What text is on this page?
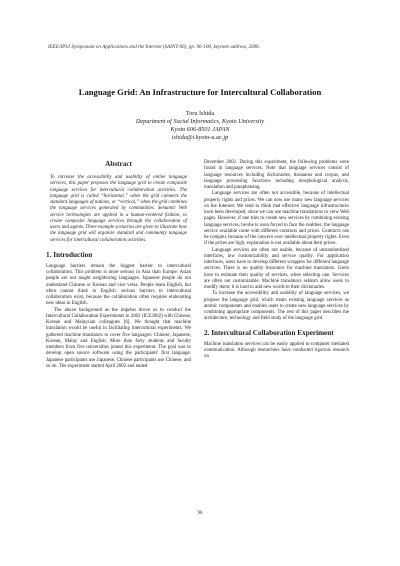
IEEE/IPSJ Symposium on Applications and the Internet (SAINT-06), pp. 96-100, keynote address, 2006.
Language Grid: An Infrastructure for Intercultural Collaboration
Toru Ishida
Department of Social Informatics, Kyoto University
Kyoto 606-8501 JAPAN
ishida@i.kyoto-u.ac.jp
Abstract

To increase the accessibility and usability of online language services, this paper proposes the language grid to create composite language services for intercultural collaboration activities. The language grid is called “horizontal,” when the grid connects the standard languages of nations, or “vertical,” when the grid combines the language services generated by communities. Semantic Web service technologies are applied in a human-centered fashion, to create composite language services through the collaboration of users and agents. Three example scenarios are given to illustrate how the language grid will organize standard and community language services for intercultural collaboration activities.

1. Introduction

Language barriers remain the biggest barrier to intercultural collaboration. This problem is more serious in Asia than Europe: Asian people are not taught neighboring languages. Japanese people do not understand Chinese or Korean and vice versa. People learn English, but often cannot think in English: serious barriers to intercultural collaboration exist, because the collaboration often requires elaborating new ideas in English.

The above background as the impetus drove us to conduct the Intercultural Collaboration Experiments in 2002 (ICE2002) with Chinese, Korean and Malaysian colleagues [6]. We thought that machine translation would be useful in facilitating intercultural experiments. We gathered machine translators to cover five languages: Chinese, Japanese, Korean, Malay and English. More than forty students and faculty members from five universities joined this experiment. The goal was to develop open source software using the participants' first language: Japanese participants use Japanese, Chinese participants use Chinese, and so on. The experiment started April 2002 and ended

December 2002. During this experiment, the following problems were found in language services. Note that language services consist of language resources including dictionaries, thesaurus and corpus, and language processing functions including morphological analysis, translation and paraphrasing.

Language services are often not accessible, because of intellectual property rights and prices. We can now use many new language services on the Internet. We tend to think that effective language infrastructures have been developed, since we can use machine translations to view Web pages. However, if one tries to create new services by combining existing language services, he/she is soon forced to face the realities: the language service available come with different contracts and prices. Contracts can be complex because of the concern over intellectual property rights. Even if the prices are high, explanation is not available about their prices.

Language services are often not usable, because of unstandardized interfaces, low customizability and service quality. For application interfaces, users have to develop different wrappers for different language services. There is no quality insurance for machine translators. Users have to estimate their quality of services, when selecting one. Services are often not customizable. Machine translators seldom allow users to modify them; it is hard to add new words to their dictionaries.

To increase the accessibility and usability of language services, we propose the language grid, which treats existing language services as atomic components and enables users to create new language services by combining appropriate components. The rest of this paper describes the architecture, technology and field study of the language grid.

2. Intercultural Collaboration Experiment

Machine translation services can be easily applied to computer mediated communication. Although researchers have conducted rigorous research on

96
